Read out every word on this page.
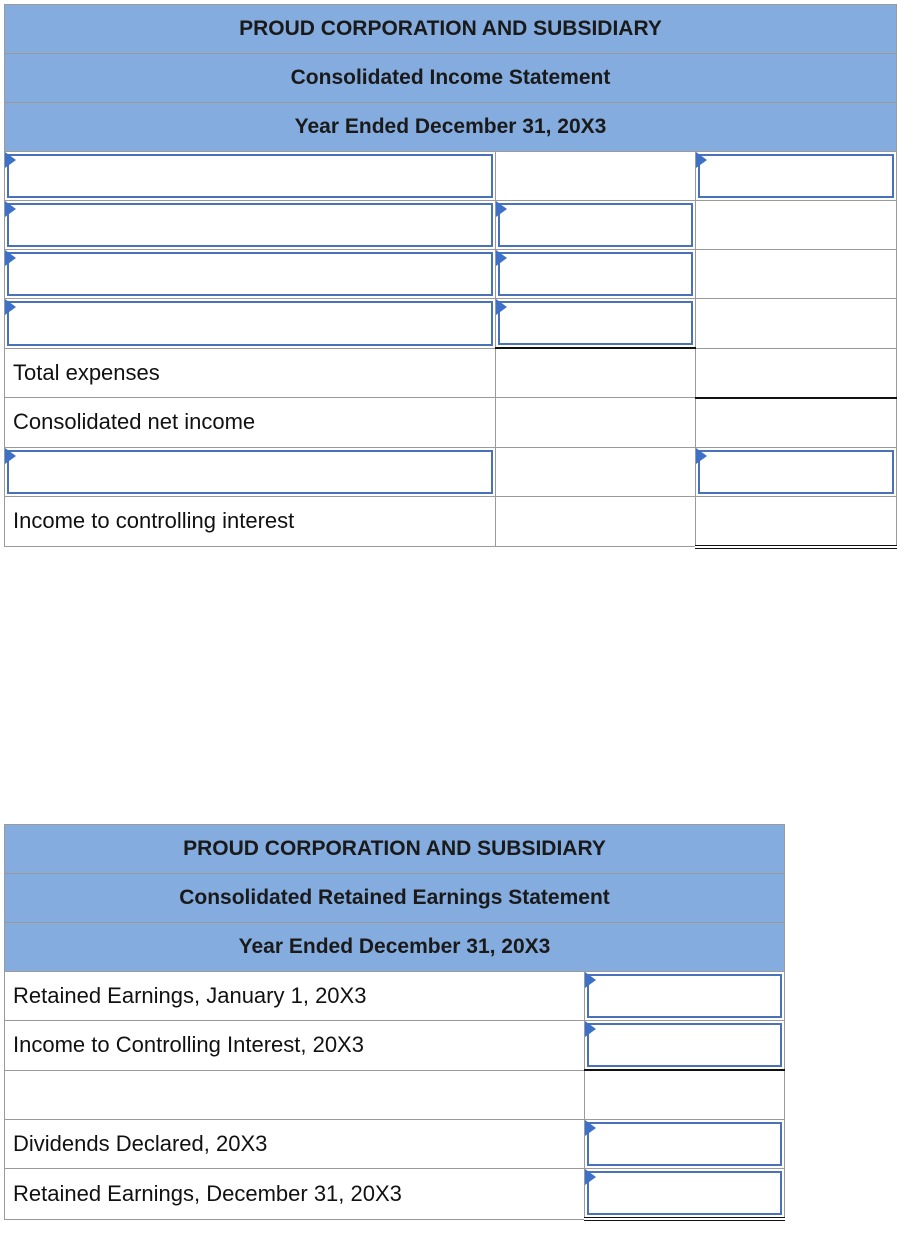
PROUD CORPORATION AND SUBSIDIARY		
Consolidated Income Statement		
Year Ended December 31, 20X3		

Total expenses		
Consolidated net income		

Income to controlling interest		
PROUD CORPORATION AND SUBSIDIARY	
Consolidated Retained Earnings Statement	
Year Ended December 31, 20X3	
Retained Earnings, January 1, 20X3	

Income to Controlling Interest, 20X3	

Dividends Declared, 20X3	

Retained Earnings, December 31, 20X3	
